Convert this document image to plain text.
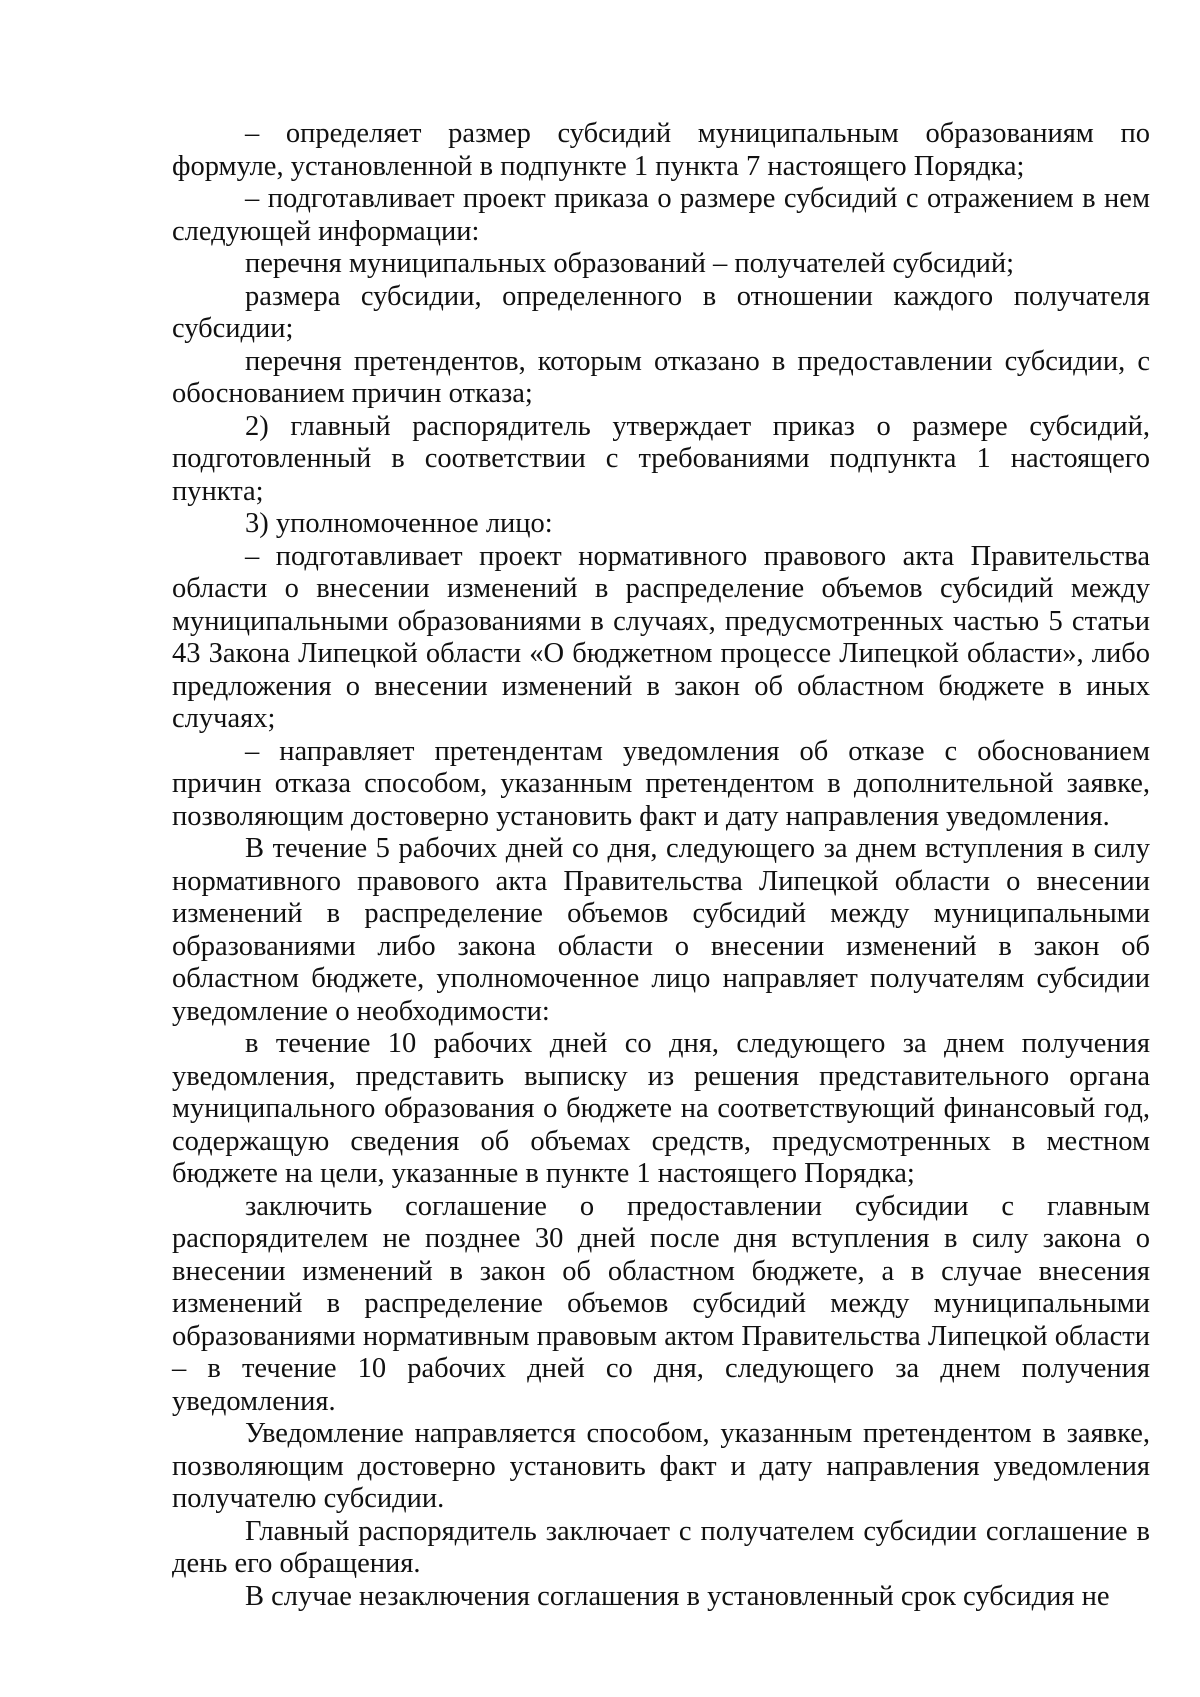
– определяет размер субсидий муниципальным образованиям по формуле, установленной в подпункте 1 пункта 7 настоящего Порядка;

– подготавливает проект приказа о размере субсидий с отражением в нем следующей информации:

перечня муниципальных образований – получателей субсидий;

размера субсидии, определенного в отношении каждого получателя субсидии;

перечня претендентов, которым отказано в предоставлении субсидии, с обоснованием причин отказа;

2) главный распорядитель утверждает приказ о размере субсидий, подготовленный в соответствии с требованиями подпункта 1 настоящего пункта;

3) уполномоченное лицо:

– подготавливает проект нормативного правового акта Правительства области о внесении изменений в распределение объемов субсидий между муниципальными образованиями в случаях, предусмотренных частью 5 статьи 43 Закона Липецкой области «О бюджетном процессе Липецкой области», либо предложения о внесении изменений в закон об областном бюджете в иных случаях;

– направляет претендентам уведомления об отказе с обоснованием причин отказа способом, указанным претендентом в дополнительной заявке, позволяющим достоверно установить факт и дату направления уведомления.

В течение 5 рабочих дней со дня, следующего за днем вступления в силу нормативного правового акта Правительства Липецкой области о внесении изменений в распределение объемов субсидий между муниципальными образованиями либо закона области о внесении изменений в закон об областном бюджете, уполномоченное лицо направляет получателям субсидии уведомление о необходимости:

в течение 10 рабочих дней со дня, следующего за днем получения уведомления, представить выписку из решения представительного органа муниципального образования о бюджете на соответствующий финансовый год, содержащую сведения об объемах средств, предусмотренных в местном бюджете на цели, указанные в пункте 1 настоящего Порядка;

заключить соглашение о предоставлении субсидии с главным распорядителем не позднее 30 дней после дня вступления в силу закона о внесении изменений в закон об областном бюджете, а в случае внесения изменений в распределение объемов субсидий между муниципальными образованиями нормативным правовым актом Правительства Липецкой области – в течение 10 рабочих дней со дня, следующего за днем получения уведомления.

Уведомление направляется способом, указанным претендентом в заявке, позволяющим достоверно установить факт и дату направления уведомления получателю субсидии.

Главный распорядитель заключает с получателем субсидии соглашение в день его обращения.

В случае незаключения соглашения в установленный срок субсидия не
